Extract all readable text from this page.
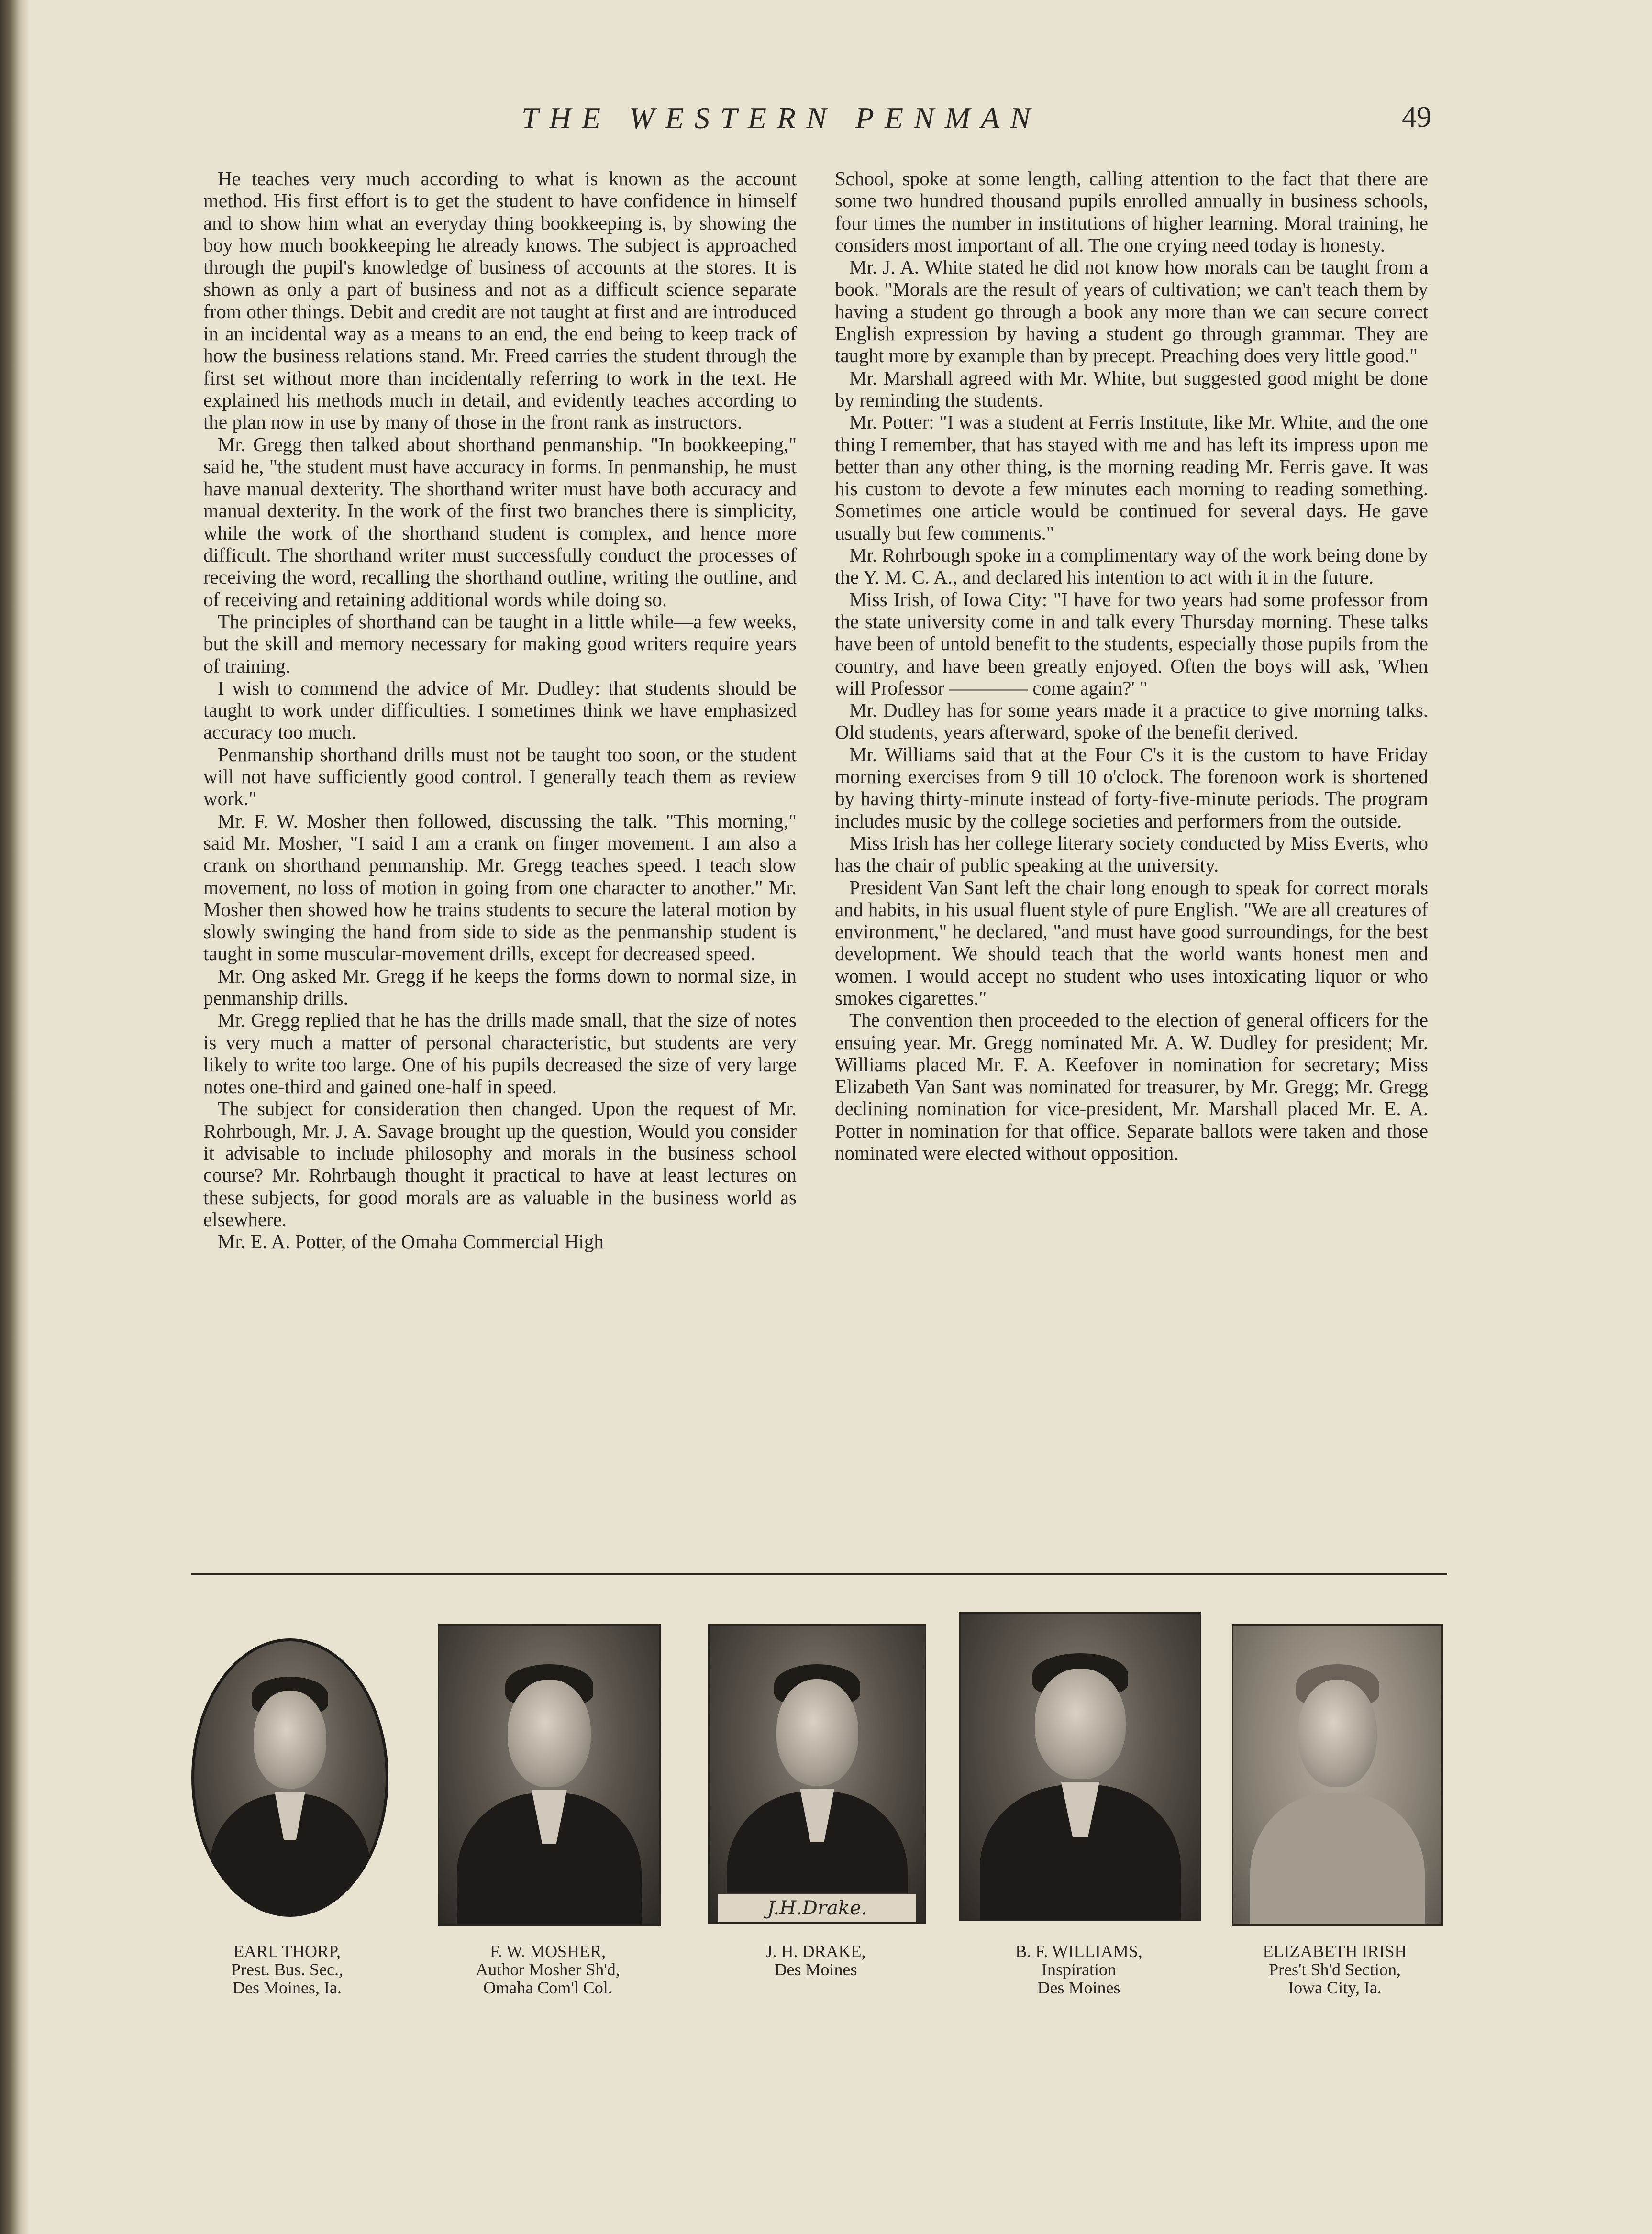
THE WESTERN PENMAN	49

He teaches very much according to what is known as the account method. His first effort is to get the student to have confidence in himself and to show him what an everyday thing bookkeeping is, by showing the boy how much bookkeeping he already knows. The subject is approached through the pupil's knowledge of business of accounts at the stores. It is shown as only a part of business and not as a difficult science separate from other things. Debit and credit are not taught at first and are introduced in an incidental way as a means to an end, the end being to keep track of how the business relations stand. Mr. Freed carries the student through the first set without more than incidentally referring to work in the text. He explained his methods much in detail, and evidently teaches according to the plan now in use by many of those in the front rank as instructors.

Mr. Gregg then talked about shorthand penmanship. "In bookkeeping," said he, "the student must have accuracy in forms. In penmanship, he must have manual dexterity. The shorthand writer must have both accuracy and manual dexterity. In the work of the first two branches there is simplicity, while the work of the shorthand student is complex, and hence more difficult. The shorthand writer must successfully conduct the processes of receiving the word, recalling the shorthand outline, writing the outline, and of receiving and retaining additional words while doing so.

The principles of shorthand can be taught in a little while—a few weeks, but the skill and memory necessary for making good writers require years of training.

I wish to commend the advice of Mr. Dudley: that students should be taught to work under difficulties. I sometimes think we have emphasized accuracy too much.

Penmanship shorthand drills must not be taught too soon, or the student will not have sufficiently good control. I generally teach them as review work."

Mr. F. W. Mosher then followed, discussing the talk. "This morning," said Mr. Mosher, "I said I am a crank on finger movement. I am also a crank on shorthand penmanship. Mr. Gregg teaches speed. I teach slow movement, no loss of motion in going from one character to another." Mr. Mosher then showed how he trains students to secure the lateral motion by slowly swinging the hand from side to side as the penmanship student is taught in some muscular-movement drills, except for decreased speed.

Mr. Ong asked Mr. Gregg if he keeps the forms down to normal size, in penmanship drills.

Mr. Gregg replied that he has the drills made small, that the size of notes is very much a matter of personal characteristic, but students are very likely to write too large. One of his pupils decreased the size of very large notes one-third and gained one-half in speed.

The subject for consideration then changed. Upon the request of Mr. Rohrbough, Mr. J. A. Savage brought up the question, Would you consider it advisable to include philosophy and morals in the business school course? Mr. Rohrbaugh thought it practical to have at least lectures on these subjects, for good morals are as valuable in the business world as elsewhere.

Mr. E. A. Potter, of the Omaha Commercial High

School, spoke at some length, calling attention to the fact that there are some two hundred thousand pupils enrolled annually in business schools, four times the number in institutions of higher learning. Moral training, he considers most important of all. The one crying need today is honesty.

Mr. J. A. White stated he did not know how morals can be taught from a book. "Morals are the result of years of cultivation; we can't teach them by having a student go through a book any more than we can secure correct English expression by having a student go through grammar. They are taught more by example than by precept. Preaching does very little good."

Mr. Marshall agreed with Mr. White, but suggested good might be done by reminding the students.

Mr. Potter: "I was a student at Ferris Institute, like Mr. White, and the one thing I remember, that has stayed with me and has left its impress upon me better than any other thing, is the morning reading Mr. Ferris gave. It was his custom to devote a few minutes each morning to reading something. Sometimes one article would be continued for several days. He gave usually but few comments."

Mr. Rohrbough spoke in a complimentary way of the work being done by the Y. M. C. A., and declared his intention to act with it in the future.

Miss Irish, of Iowa City: "I have for two years had some professor from the state university come in and talk every Thursday morning. These talks have been of untold benefit to the students, especially those pupils from the country, and have been greatly enjoyed. Often the boys will ask, 'When will Professor ———— come again?' "

Mr. Dudley has for some years made it a practice to give morning talks. Old students, years afterward, spoke of the benefit derived.

Mr. Williams said that at the Four C's it is the custom to have Friday morning exercises from 9 till 10 o'clock. The forenoon work is shortened by having thirty-minute instead of forty-five-minute periods. The program includes music by the college societies and performers from the outside.

Miss Irish has her college literary society conducted by Miss Everts, who has the chair of public speaking at the university.

President Van Sant left the chair long enough to speak for correct morals and habits, in his usual fluent style of pure English. "We are all creatures of environment," he declared, "and must have good surroundings, for the best development. We should teach that the world wants honest men and women. I would accept no student who uses intoxicating liquor or who smokes cigarettes."

The convention then proceeded to the election of general officers for the ensuing year. Mr. Gregg nominated Mr. A. W. Dudley for president; Mr. Williams placed Mr. F. A. Keefover in nomination for secretary; Miss Elizabeth Van Sant was nominated for treasurer, by Mr. Gregg; Mr. Gregg declining nomination for vice-president, Mr. Marshall placed Mr. E. A. Potter in nomination for that office. Separate ballots were taken and those nominated were elected without opposition.

J.H.Drake.
EARL THORP,
Prest. Bus. Sec.,
Des Moines, Ia.
F. W. MOSHER,
Author Mosher Sh'd,
Omaha Com'l Col.
J. H. DRAKE,
Des Moines
B. F. WILLIAMS,
Inspiration
Des Moines
ELIZABETH IRISH
Pres't Sh'd Section,
Iowa City, Ia.
